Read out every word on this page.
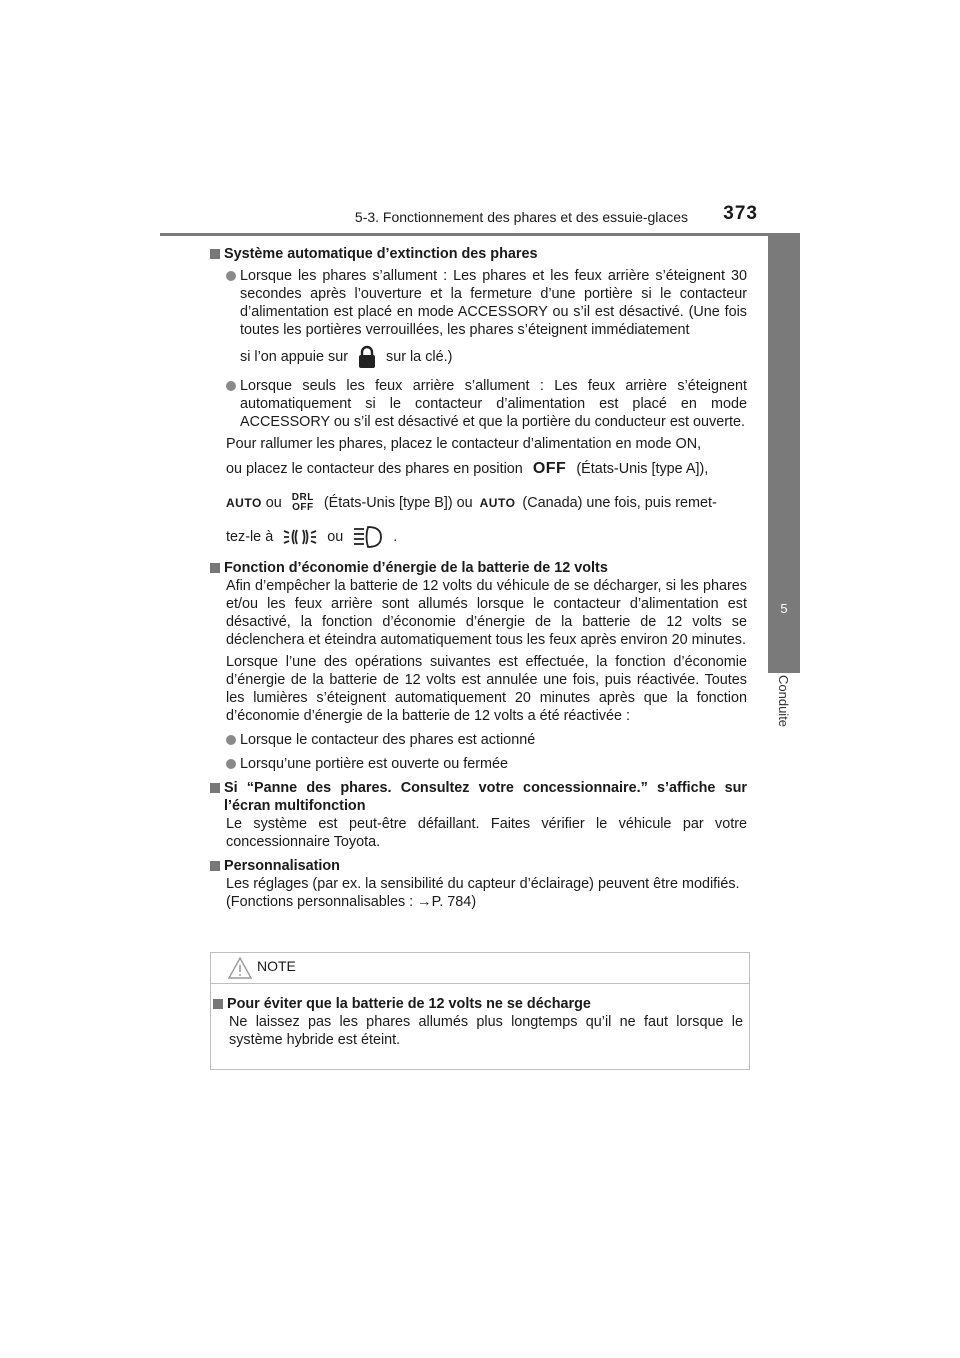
5-3. Fonctionnement des phares et des essuie-glaces 373
5
Conduite
Système automatique d’extinction des phares
Lorsque les phares s’allument : Les phares et les feux arrière s’éteignent 30 secondes après l’ouverture et la fermeture d’une portière si le contacteur d’alimentation est placé en mode ACCESSORY ou s’il est désactivé. (Une fois toutes les portières verrouillées, les phares s’éteignent immédiatement
si l’on appuie sur	sur la clé.)
Lorsque seuls les feux arrière s’allument : Les feux arrière s’éteignent automatiquement si le contacteur d’alimentation est placé en mode ACCESSORY ou s’il est désactivé et que la portière du conducteur est ouverte.
Pour rallumer les phares, placez le contacteur d’alimentation en mode ON,
ou placez le contacteur des phares en position OFF (États-Unis [type A]),
AUTO ou DRL
OFF (États-Unis [type B]) ou AUTO (Canada) une fois, puis remet-
tez-le à	ou	.
Fonction d’économie d’énergie de la batterie de 12 volts
Afin d’empêcher la batterie de 12 volts du véhicule de se décharger, si les phares et/ou les feux arrière sont allumés lorsque le contacteur d’alimentation est désactivé, la fonction d’économie d’énergie de la batterie de 12 volts se déclenchera et éteindra automatiquement tous les feux après environ 20 minutes.
Lorsque l’une des opérations suivantes est effectuée, la fonction d’économie d’énergie de la batterie de 12 volts est annulée une fois, puis réactivée. Toutes les lumières s’éteignent automatiquement 20 minutes après que la fonction d’économie d’énergie de la batterie de 12 volts a été réactivée :
Lorsque le contacteur des phares est actionné
Lorsqu’une portière est ouverte ou fermée
Si “Panne des phares. Consultez votre concessionnaire.” s’affiche sur l’écran multifonction
Le système est peut-être défaillant. Faites vérifier le véhicule par votre concessionnaire Toyota.
Personnalisation
Les réglages (par ex. la sensibilité du capteur d’éclairage) peuvent être modifiés.
(Fonctions personnalisables : →P. 784)
NOTE
Pour éviter que la batterie de 12 volts ne se décharge
Ne laissez pas les phares allumés plus longtemps qu’il ne faut lorsque le système hybride est éteint.
